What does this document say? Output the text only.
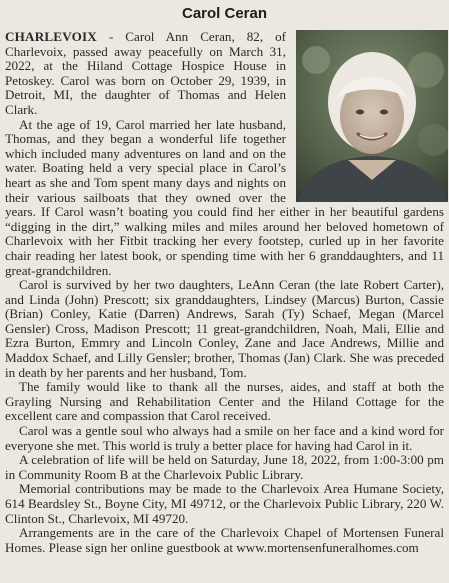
Carol Ceran

CHARLEVOIX - Carol Ann Ceran, 82, of Charlevoix, passed away peacefully on March 31, 2022, at the Hiland Cottage Hospice House in Petoskey. Carol was born on October 29, 1939, in Detroit, MI, the daughter of Thomas and Helen Clark.

At the age of 19, Carol married her late husband, Thomas, and they began a wonderful life together which included many adventures on land and on the water. Boating held a very special place in Carol’s heart as she and Tom spent many days and nights on their various sailboats that they owned over the years. If Carol wasn’t boating you could find her either in her beautiful gardens “digging in the dirt,” walking miles and miles around her beloved hometown of Charlevoix with her Fitbit tracking her every footstep, curled up in her favorite chair reading her latest book, or spending time with her 6 granddaughters, and 11 great-grandchildren.

Carol is survived by her two daughters, LeAnn Ceran (the late Robert Carter), and Linda (John) Prescott; six granddaughters, Lindsey (Marcus) Burton, Cassie (Brian) Conley, Katie (Darren) Andrews, Sarah (Ty) Schaef, Megan (Marcel Gensler) Cross, Madison Prescott; 11 great-grandchildren, Noah, Mali, Ellie and Ezra Burton, Emmry and Lincoln Conley, Zane and Jace Andrews, Millie and Maddox Schaef, and Lilly Gensler; brother, Thomas (Jan) Clark. She was preceded in death by her parents and her husband, Tom.

The family would like to thank all the nurses, aides, and staff at both the Grayling Nursing and Rehabilitation Center and the Hiland Cottage for the excellent care and compassion that Carol received.

Carol was a gentle soul who always had a smile on her face and a kind word for everyone she met. This world is truly a better place for having had Carol in it.

A celebration of life will be held on Saturday, June 18, 2022, from 1:00-3:00 pm in Community Room B at the Charlevoix Public Library.

Memorial contributions may be made to the Charlevoix Area Humane Society, 614 Beardsley St., Boyne City, MI 49712, or the Charlevoix Public Library, 220 W. Clinton St., Charlevoix, MI 49720.

Arrangements are in the care of the Charlevoix Chapel of Mortensen Funeral Homes. Please sign her online guestbook at www.mortensenfuneralhomes.com
